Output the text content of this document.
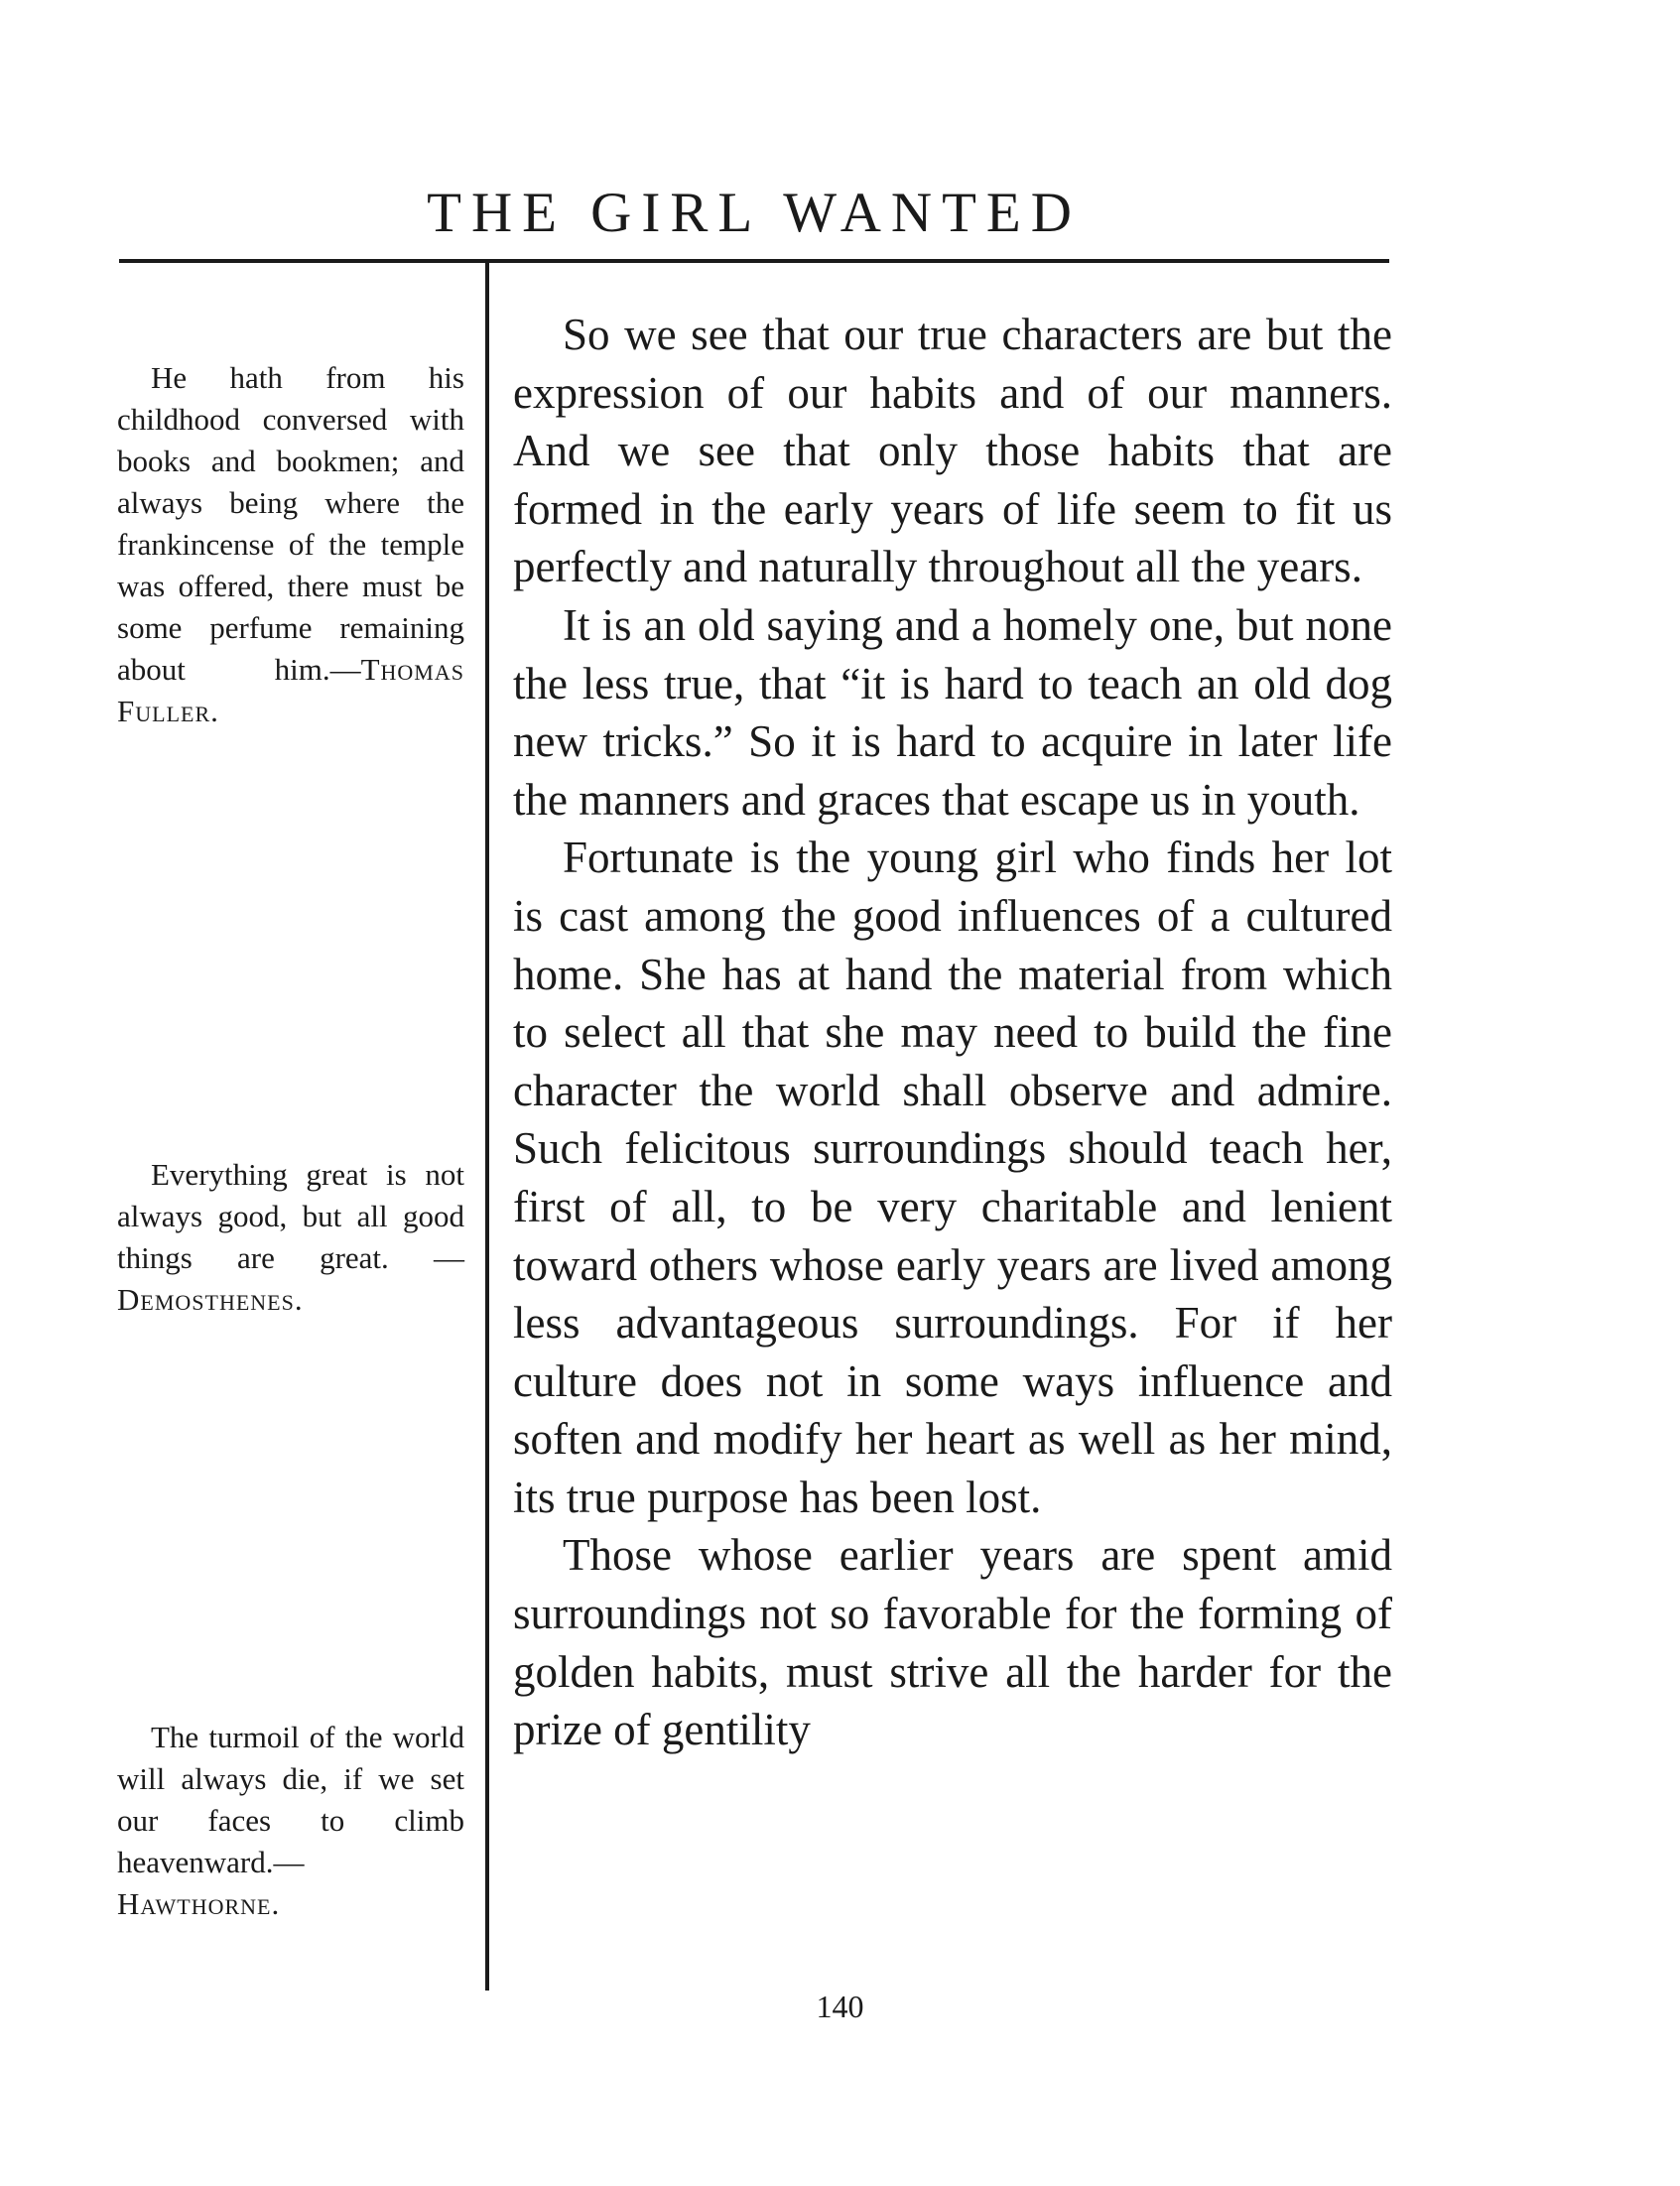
THE GIRL WANTED

He hath from his childhood conversed with books and bookmen; and always being where the frankincense of the temple was offered, there must be some perfume remaining about him.—Thomas Fuller.

Everything great is not always good, but all good things are great. — Demosthenes.

The turmoil of the world will always die, if we set our faces to climb heavenward.—Hawthorne.

So we see that our true characters are but the expression of our habits and of our manners. And we see that only those habits that are formed in the early years of life seem to fit us perfectly and naturally throughout all the years.

It is an old saying and a homely one, but none the less true, that “it is hard to teach an old dog new tricks.” So it is hard to acquire in later life the manners and graces that escape us in youth.

Fortunate is the young girl who finds her lot is cast among the good influences of a cultured home. She has at hand the material from which to select all that she may need to build the fine character the world shall observe and admire. Such felicitous surroundings should teach her, first of all, to be very charitable and lenient toward others whose early years are lived among less advantageous surroundings. For if her culture does not in some ways influence and soften and modify her heart as well as her mind, its true purpose has been lost.

Those whose earlier years are spent amid surroundings not so favorable for the forming of golden habits, must strive all the harder for the prize of gentility

140
